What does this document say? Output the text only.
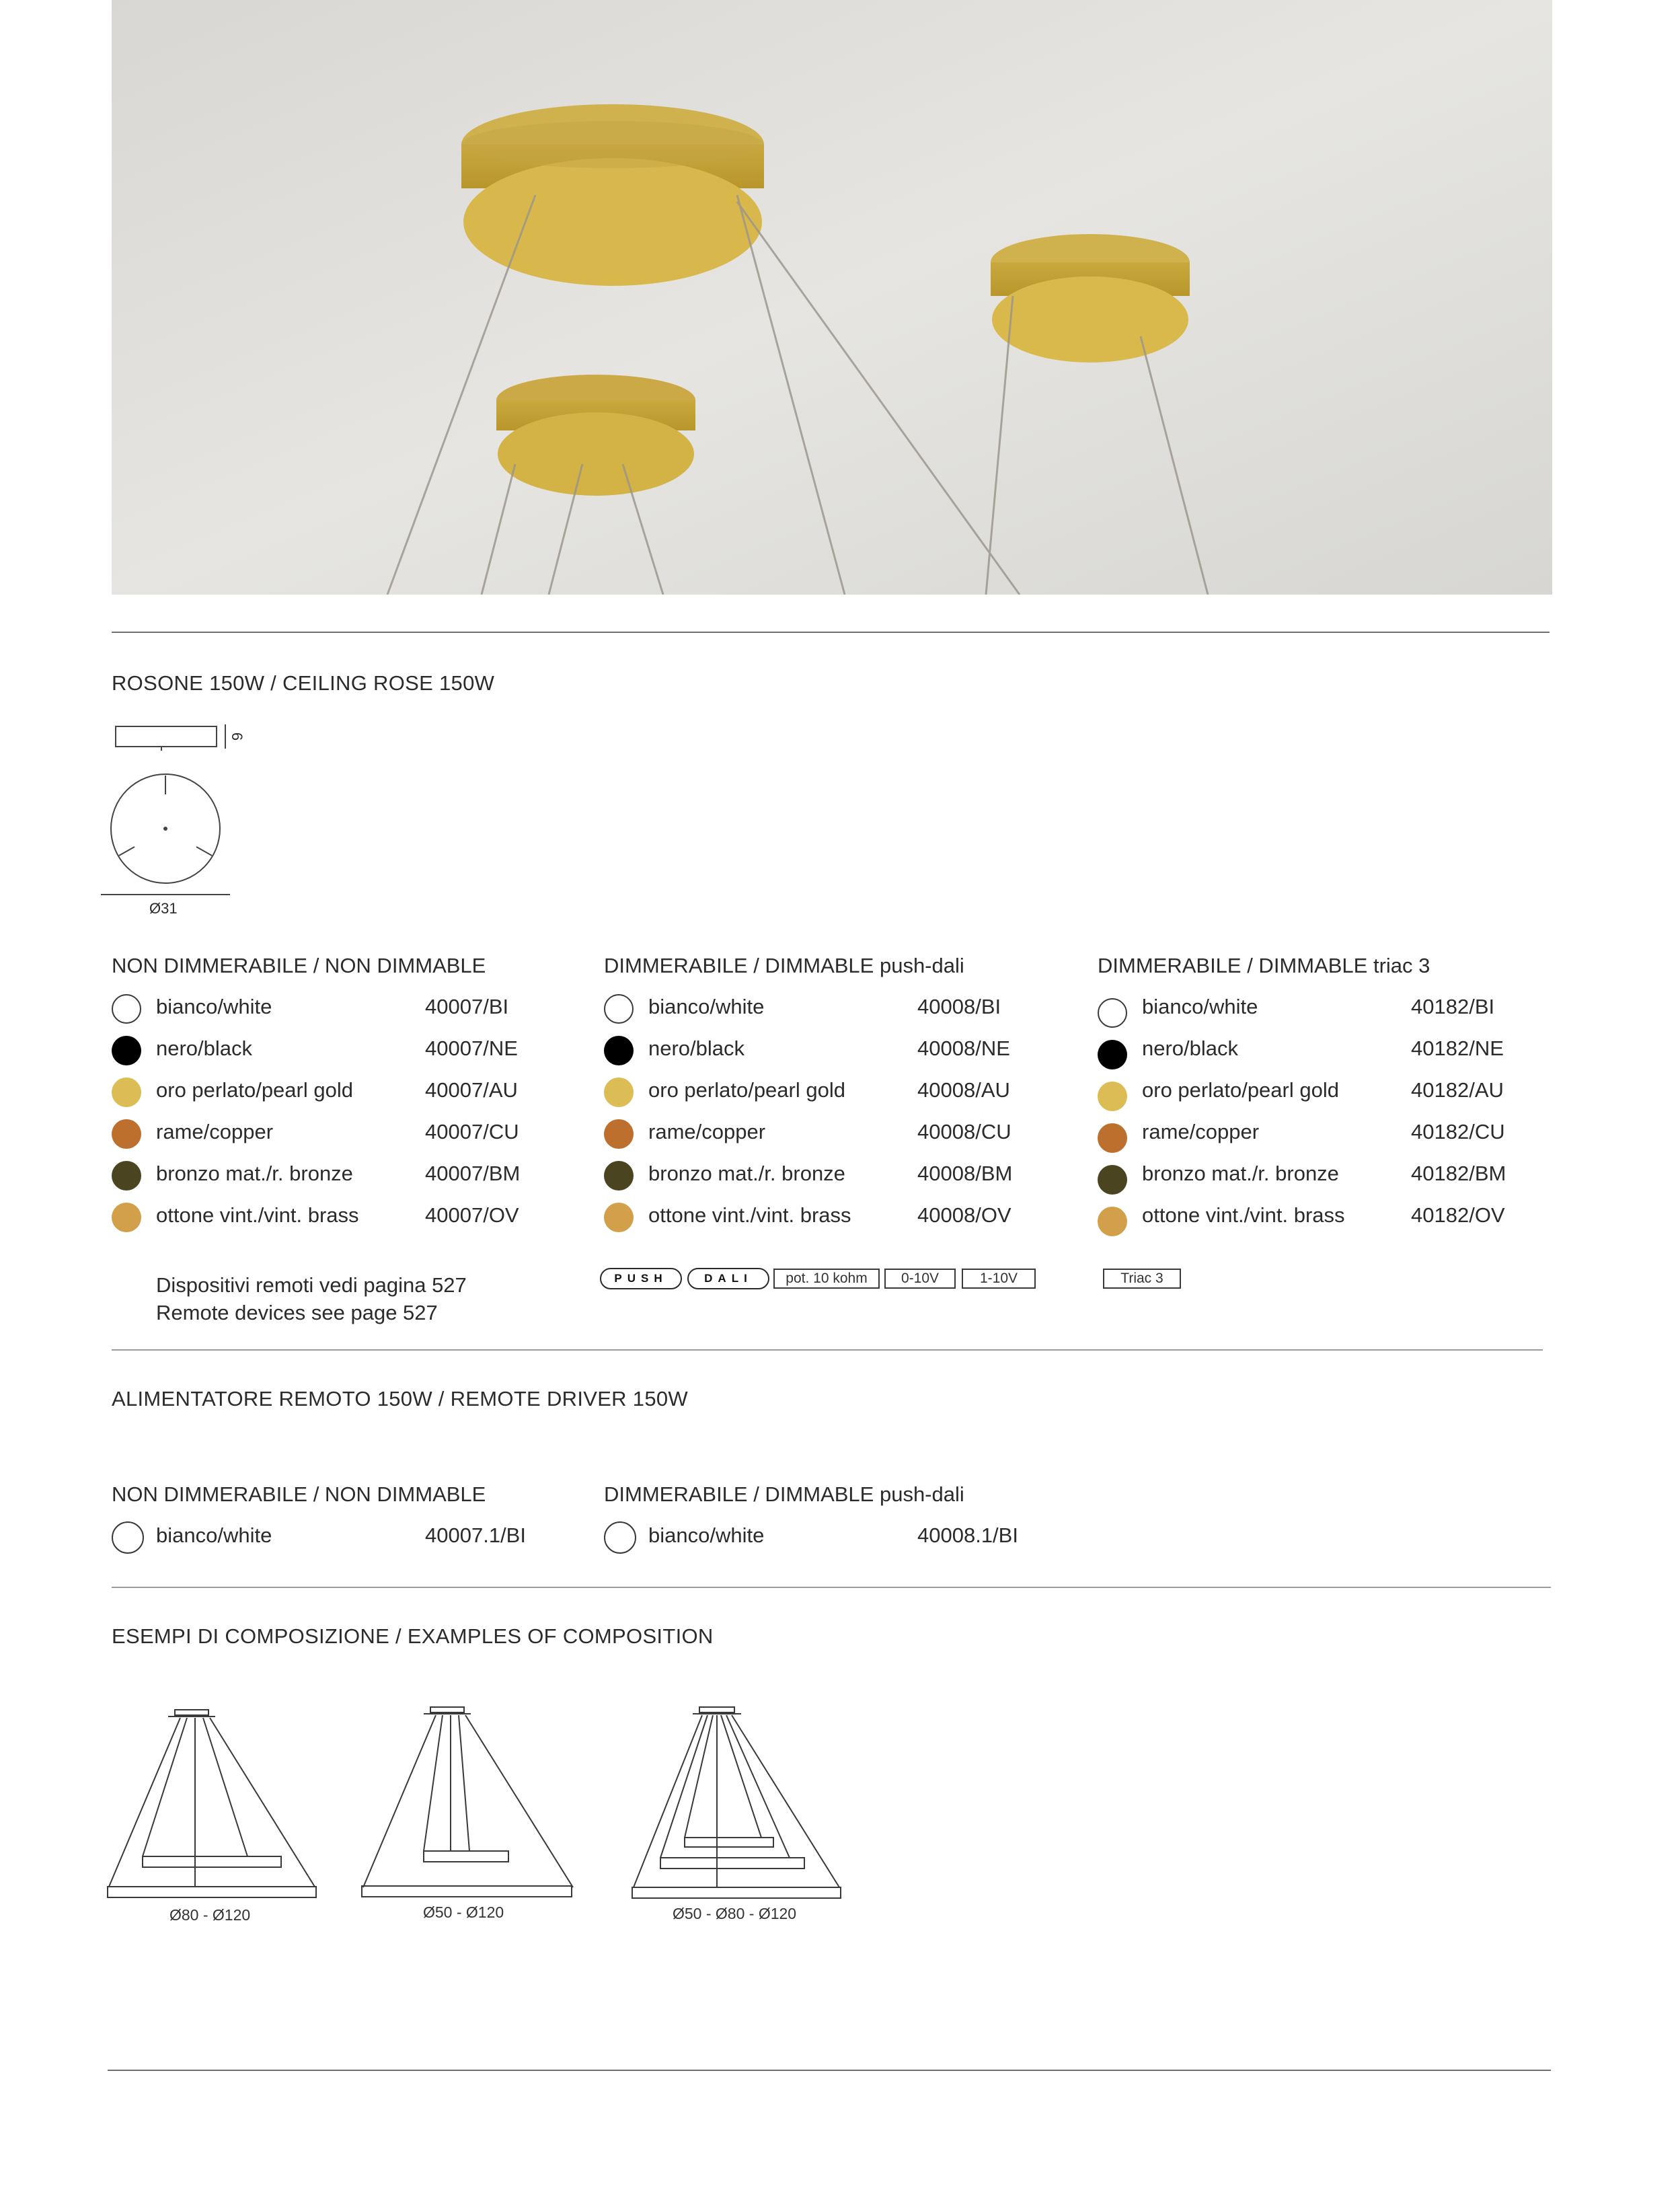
ROSONE 150W / CEILING ROSE 150W
6
Ø31
NON DIMMERABILE / NON DIMMABLE
bianco/white	40007/BI
nero/black	40007/NE
oro perlato/pearl gold	40007/AU
rame/copper	40007/CU
bronzo mat./r. bronze	40007/BM
ottone vint./vint. brass	40007/OV
Dispositivi remoti vedi pagina 527
Remote devices see page 527
DIMMERABILE / DIMMABLE push-dali
bianco/white	40008/BI
nero/black	40008/NE
oro perlato/pearl gold	40008/AU
rame/copper	40008/CU
bronzo mat./r. bronze	40008/BM
ottone vint./vint. brass	40008/OV
PUSH	DALI	pot. 10 kohm	0-10V	1-10V
DIMMERABILE / DIMMABLE triac 3
bianco/white	40182/BI
nero/black	40182/NE
oro perlato/pearl gold	40182/AU
rame/copper	40182/CU
bronzo mat./r. bronze	40182/BM
ottone vint./vint. brass	40182/OV
Triac 3
ALIMENTATORE REMOTO 150W / REMOTE DRIVER 150W
NON DIMMERABILE / NON DIMMABLE
bianco/white	40007.1/BI
DIMMERABILE / DIMMABLE push-dali
bianco/white	40008.1/BI
ESEMPI DI COMPOSIZIONE / EXAMPLES OF COMPOSITION
Ø80 - Ø120	Ø50 - Ø120	Ø50 - Ø80 - Ø120
